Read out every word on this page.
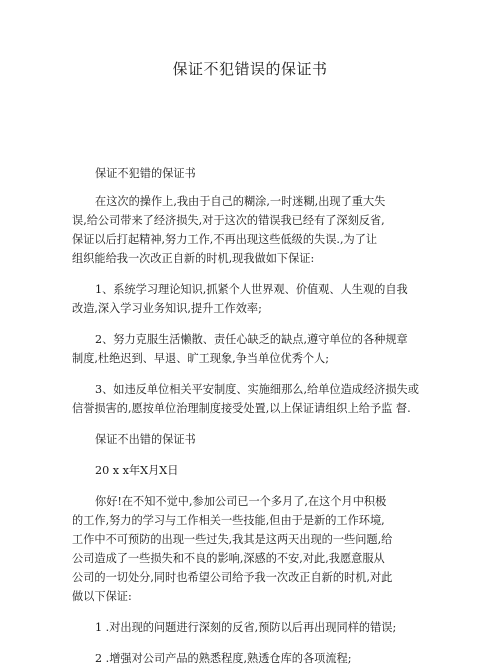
保证不犯错误的保证书

保证不犯错的保证书

在这次的操作上,我由于自己的糊涂,一时迷糊,出现了重大失
误,给公司带来了经济损失,对于这次的错误我已经有了深刻反省,
保证以后打起精神,努力工作,不再出现这些低级的失误.,为了让
组织能给我一次改正自新的时机,现我做如下保证:

1、系统学习理论知识,抓紧个人世界观、价值观、人生观的自我
改造,深入学习业务知识,提升工作效率;

2、努力克服生活懒散、责任心缺乏的缺点,遵守单位的各种规章
制度,杜绝迟到、早退、旷工现象,争当单位优秀个人;

3、如违反单位相关平安制度、实施细那么,给单位造成经济损失或
信誉损害的,愿按单位治理制度接受处置,以上保证请组织上给予监 督.

保证不出错的保证书

20 x x年X月X日

你好!在不知不觉中,参加公司已一个多月了,在这个月中积极
的工作,努力的学习与工作相关一些技能,但由于是新的工作环境,
工作中不可预防的出现一些过失,我其是这两天出现的一些问题,给
公司造成了一些损失和不良的影响,深感的不安,对此,我愿意服从
公司的一切处分,同时也希望公司给予我一次改正自新的时机,对此
做以下保证:

1 .对出现的问题进行深刻的反省,预防以后再出现同样的错误;

2 .增强对公司产品的熟悉程度,熟透仓库的各项流程;
